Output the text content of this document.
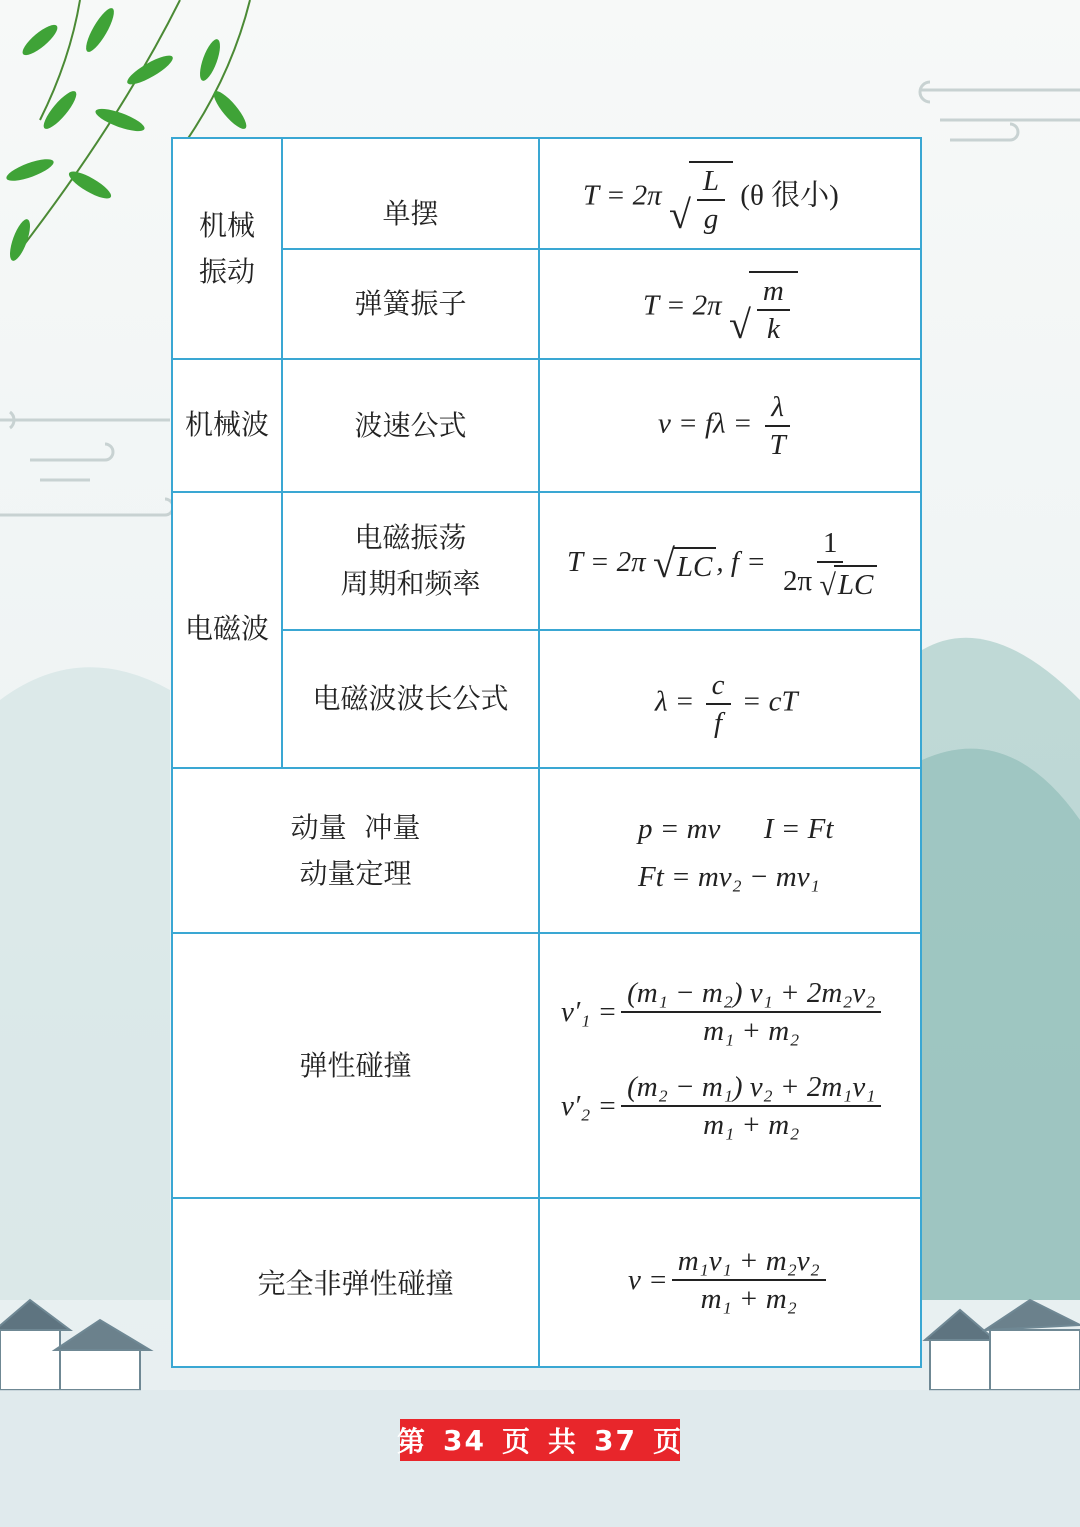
机械
振动
机械波
电磁波
单摆
弹簧振子
波速公式
电磁振荡
周期和频率
电磁波波长公式
动量  冲量
动量定理
弹性碰撞
完全非弹性碰撞
T = 2π √ $\frac{L}{g} (\theta$ 很小)
T = 2π √ $\frac{m}{k}$
$v = f\lambda = \frac{\lambda}{T}$
T = 2π √ LC , $f = \frac{1}{2\pi √ LC}$
$\lambda = \frac{c}{f}$ = cT
p = mv      I = Ft
Ft = mv₂ − mv₁
$v'_1 = \frac{\text{(m₁ − m₂) v₁ + 2m₂v₂}}{\text{m₁ + m₂}}$
$v'_2 = \frac{\text{(m₂ − m₁) v₂ + 2m₁v₁}}{\text{m₁ + m₂}}$
$v = \frac{\text{m₁v₁ + m₂v₂}}{\text{m₁ + m₂}}$
第 34 页 共 37 页
